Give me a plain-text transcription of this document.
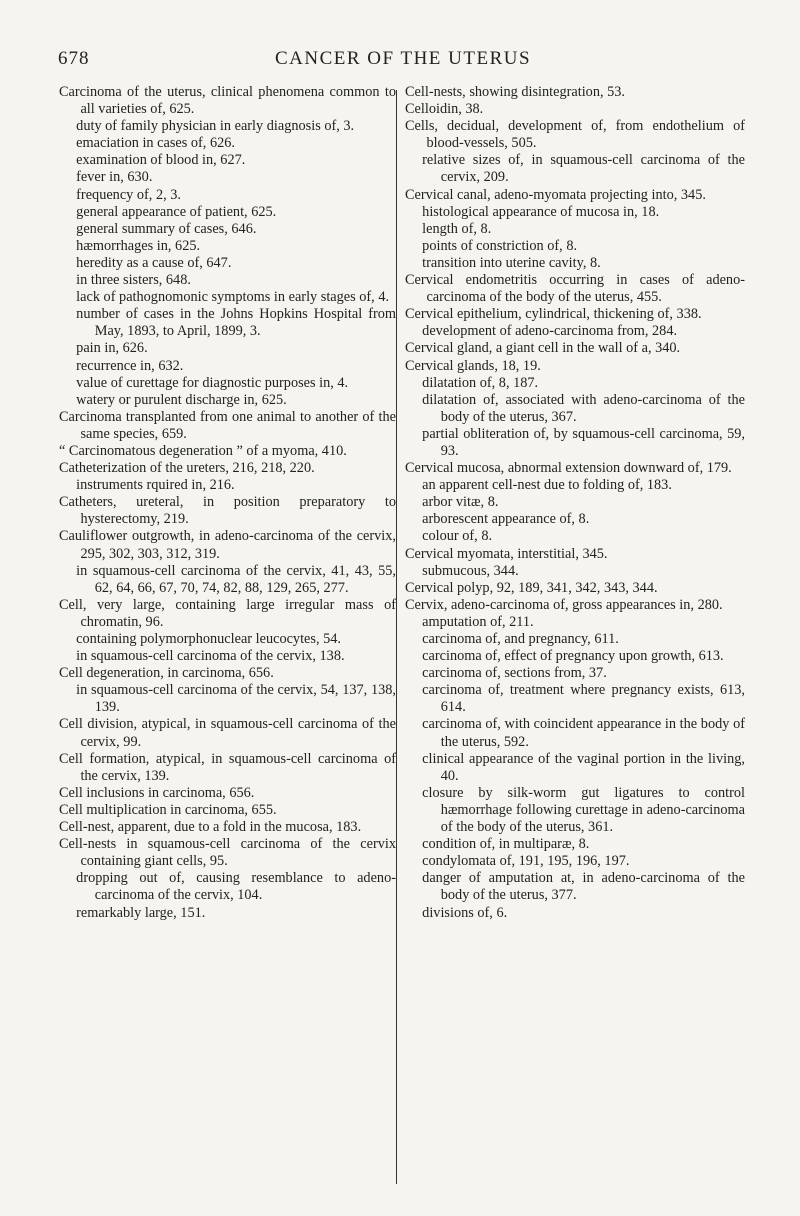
678	CANCER OF THE UTERUS

Carcinoma of the uterus, clinical phenomena common to all varieties of, 625.

duty of family physician in early diagnosis of, 3.

emaciation in cases of, 626.

examination of blood in, 627.

fever in, 630.

frequency of, 2, 3.

general appearance of patient, 625.

general summary of cases, 646.

hæmorrhages in, 625.

heredity as a cause of, 647.

in three sisters, 648.

lack of pathognomonic symptoms in early stages of, 4.

number of cases in the Johns Hopkins Hospital from May, 1893, to April, 1899, 3.

pain in, 626.

recurrence in, 632.

value of curettage for diagnostic purposes in, 4.

watery or purulent discharge in, 625.

Carcinoma transplanted from one animal to another of the same species, 659.

“ Carcinomatous degeneration ” of a myoma, 410.

Catheterization of the ureters, 216, 218, 220.

instruments rquired in, 216.

Catheters, ureteral, in position preparatory to hysterectomy, 219.

Cauliflower outgrowth, in adeno-carcinoma of the cervix, 295, 302, 303, 312, 319.

in squamous-cell carcinoma of the cervix, 41, 43, 55, 62, 64, 66, 67, 70, 74, 82, 88, 129, 265, 277.

Cell, very large, containing large irregular mass of chromatin, 96.

containing polymorphonuclear leucocytes, 54.

in squamous-cell carcinoma of the cervix, 138.

Cell degeneration, in carcinoma, 656.

in squamous-cell carcinoma of the cervix, 54, 137, 138, 139.

Cell division, atypical, in squamous-cell carcinoma of the cervix, 99.

Cell formation, atypical, in squamous-cell carcinoma of the cervix, 139.

Cell inclusions in carcinoma, 656.

Cell multiplication in carcinoma, 655.

Cell-nest, apparent, due to a fold in the mucosa, 183.

Cell-nests in squamous-cell carcinoma of the cervix containing giant cells, 95.

dropping out of, causing resemblance to adeno-carcinoma of the cervix, 104.

remarkably large, 151.

Cell-nests, showing disintegration, 53.

Celloidin, 38.

Cells, decidual, development of, from endothelium of blood-vessels, 505.

relative sizes of, in squamous-cell carcinoma of the cervix, 209.

Cervical canal, adeno-myomata projecting into, 345.

histological appearance of mucosa in, 18.

length of, 8.

points of constriction of, 8.

transition into uterine cavity, 8.

Cervical endometritis occurring in cases of adeno-carcinoma of the body of the uterus, 455.

Cervical epithelium, cylindrical, thickening of, 338.

development of adeno-carcinoma from, 284.

Cervical gland, a giant cell in the wall of a, 340.

Cervical glands, 18, 19.

dilatation of, 8, 187.

dilatation of, associated with adeno-carcinoma of the body of the uterus, 367.

partial obliteration of, by squamous-cell carcinoma, 59, 93.

Cervical mucosa, abnormal extension downward of, 179.

an apparent cell-nest due to folding of, 183.

arbor vitæ, 8.

arborescent appearance of, 8.

colour of, 8.

Cervical myomata, interstitial, 345.

submucous, 344.

Cervical polyp, 92, 189, 341, 342, 343, 344.

Cervix, adeno-carcinoma of, gross appearances in, 280.

amputation of, 211.

carcinoma of, and pregnancy, 611.

carcinoma of, effect of pregnancy upon growth, 613.

carcinoma of, sections from, 37.

carcinoma of, treatment where pregnancy exists, 613, 614.

carcinoma of, with coincident appearance in the body of the uterus, 592.

clinical appearance of the vaginal portion in the living, 40.

closure by silk-worm gut ligatures to control hæmorrhage following curettage in adeno-carcinoma of the body of the uterus, 361.

condition of, in multiparæ, 8.

condylomata of, 191, 195, 196, 197.

danger of amputation at, in adeno-carcinoma of the body of the uterus, 377.

divisions of, 6.
